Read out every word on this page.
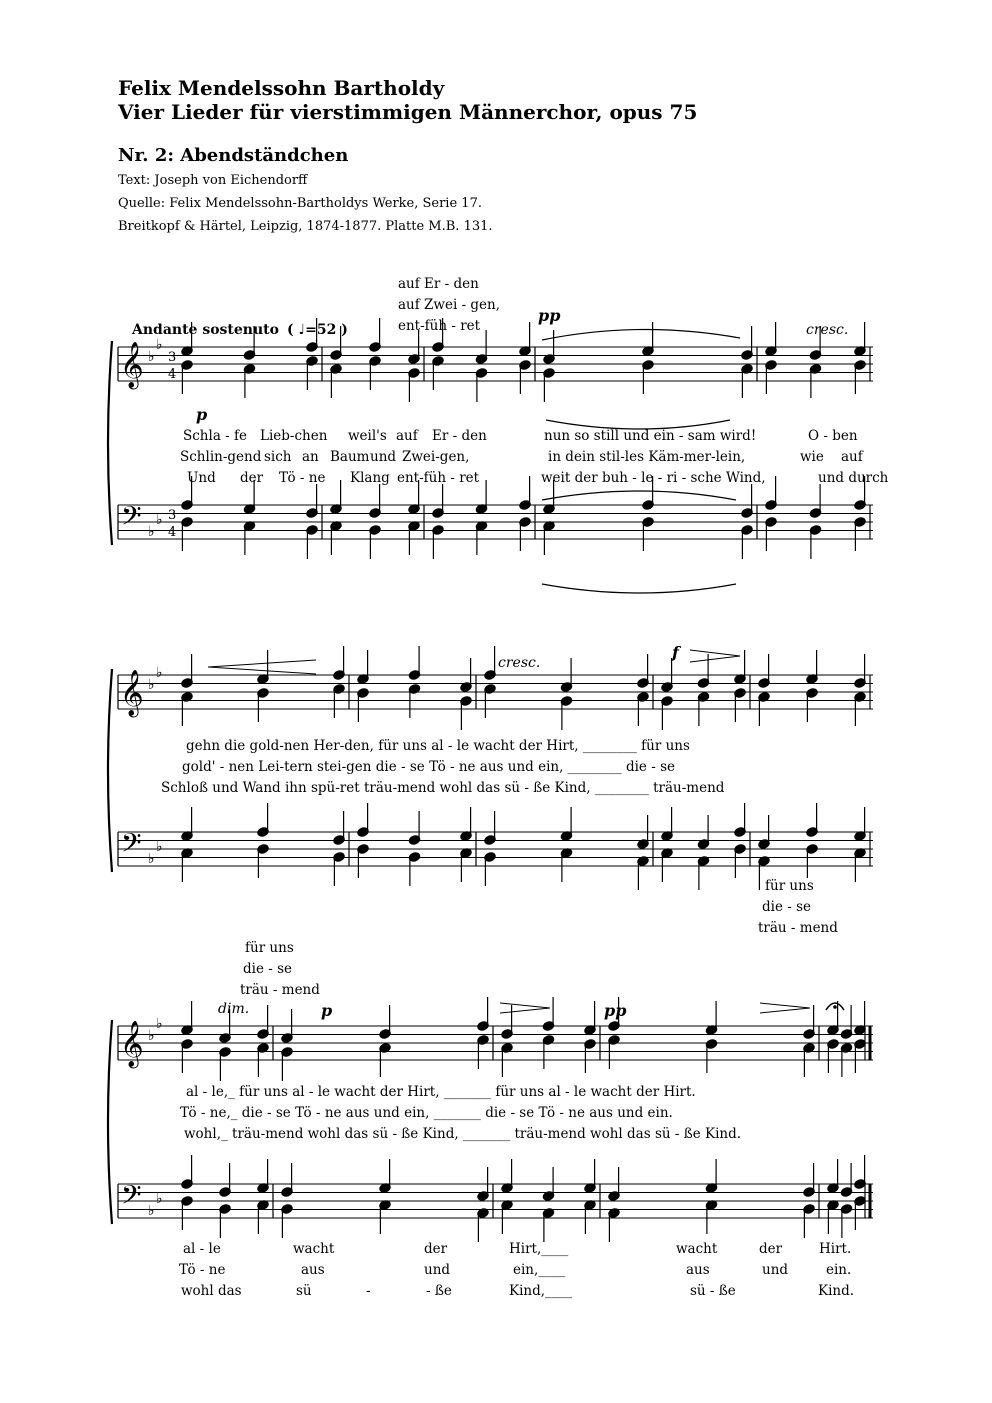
Felix Mendelssohn Bartholdy
Vier Lieder für vierstimmigen Männerchor, opus 75
Nr. 2: Abendständchen
Text: Joseph von Eichendorff
Quelle: Felix Mendelssohn-Bartholdys Werke, Serie 17.
Breitkopf & Härtel, Leipzig, 1874-1877. Platte M.B. 131.
𝄞
𝄢
♭
♭
♭
♭
𝄞
𝄢
♭
♭
♭
♭
𝄞
𝄢
♭
♭
♭
♭
3
4
3
4
Andante sostenuto ( ♩=52 )
auf Er - den
auf Zwei - gen,
ent-füh - ret
pp
cresc.
p
Schla - fe Lieb-chen weil's auf Er - den	nun so still und ein - sam wird!	O - ben
Schlin-gend sich an Baum und Zwei-gen,	in dein stil-les Käm-mer-lein,	wie auf
Und der Tö - ne Klang ent-füh - ret	weit der buh - le - ri - sche Wind,	und durch
cresc.
f
gehn die gold-nen Her-den, für uns al - le wacht der Hirt, ________ für uns
gold' - nen Lei-tern stei-gen die - se Tö - ne aus und ein, ________ die - se
Schloß und Wand ihn spü-ret träu-mend wohl das sü - ße Kind, ________ träu-mend
für uns
die - se
träu - mend
für uns
die - se
träu - mend
dim.	p	pp
al - le,_ für uns al - le wacht der Hirt, _______ für uns al - le wacht der Hirt.
Tö - ne,_ die - se Tö - ne aus und ein, _______ die - se Tö - ne aus und ein.
wohl,_ träu-mend wohl das sü - ße Kind, _______ träu-mend wohl das sü - ße Kind.
al - le	wacht	der	Hirt,____	wacht	der	Hirt.
Tö - ne	aus	und	ein,____	aus	und	ein.
wohl das	sü	-	- ße	Kind,____	sü - ße	Kind.
